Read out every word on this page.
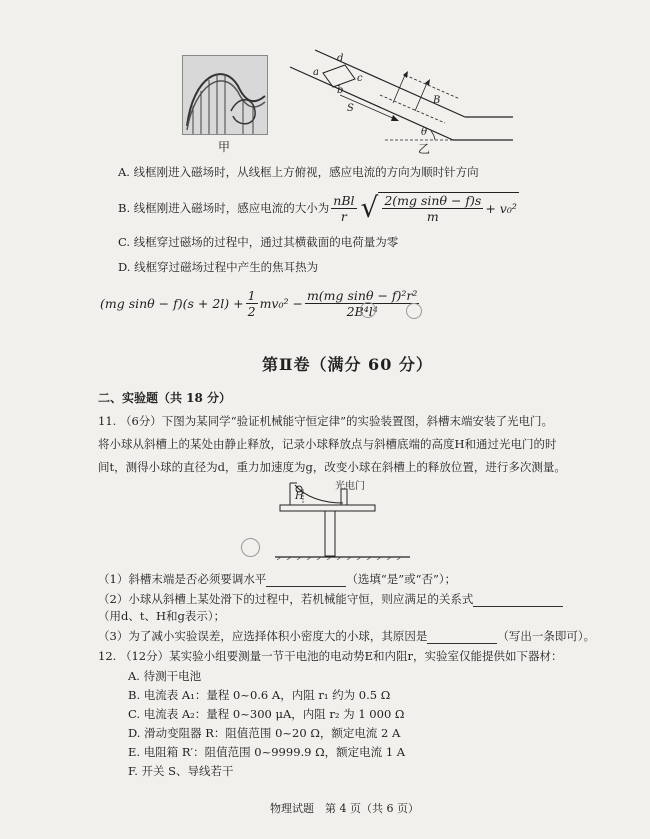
甲
a
b
c
d
S
B
θ
乙
A. 线框刚进入磁场时，从线框上方俯视，感应电流的方向为顺时针方向
B. 线框刚进入磁场时，感应电流的大小为 $\frac{\text{nBl}}{r}$ √ $\frac{\text{2(mg sinθ − f)s}}{m} + v_0^2$
C. 线框穿过磁场的过程中，通过其横截面的电荷量为零
D. 线框穿过磁场过程中产生的焦耳热为
(mg $\sin\theta - f)(s + 2l) + \frac{1}{2} mv_0^2 - \frac{\text{m(mg sinθ − f)²r²}}{\text{2B⁴l⁴}}$
第Ⅱ卷（满分 60 分）
二、实验题（共 18 分）
11. （6分）下图为某同学“验证机械能守恒定律”的实验装置图，斜槽末端安装了光电门。
将小球从斜槽上的某处由静止释放，记录小球释放点与斜槽底端的高度H和通过光电门的时
间t，测得小球的直径为d，重力加速度为g，改变小球在斜槽上的释放位置，进行多次测量。
H
光电门
（1）斜槽末端是否必须要调水平	（选填“是”或“否”）；
（2）小球从斜槽上某处滑下的过程中，若机械能守恒，则应满足的关系式
（用d、t、H和g表示）；
（3）为了减小实验误差，应选择体积小密度大的小球，其原因是	（写出一条即可）。
12. （12分）某实验小组要测量一节干电池的电动势E和内阻r，实验室仅能提供如下器材：
A. 待测干电池
B. 电流表 A₁：量程 0~0.6 A，内阻 r₁ 约为 0.5 Ω
C. 电流表 A₂：量程 0~300 μA，内阻 r₂ 为 1 000 Ω
D. 滑动变阻器 R：阻值范围 0~20 Ω，额定电流 2 A
E. 电阻箱 R′：阻值范围 0~9999.9 Ω，额定电流 1 A
F. 开关 S、导线若干
物理试题　第 4 页（共 6 页）
